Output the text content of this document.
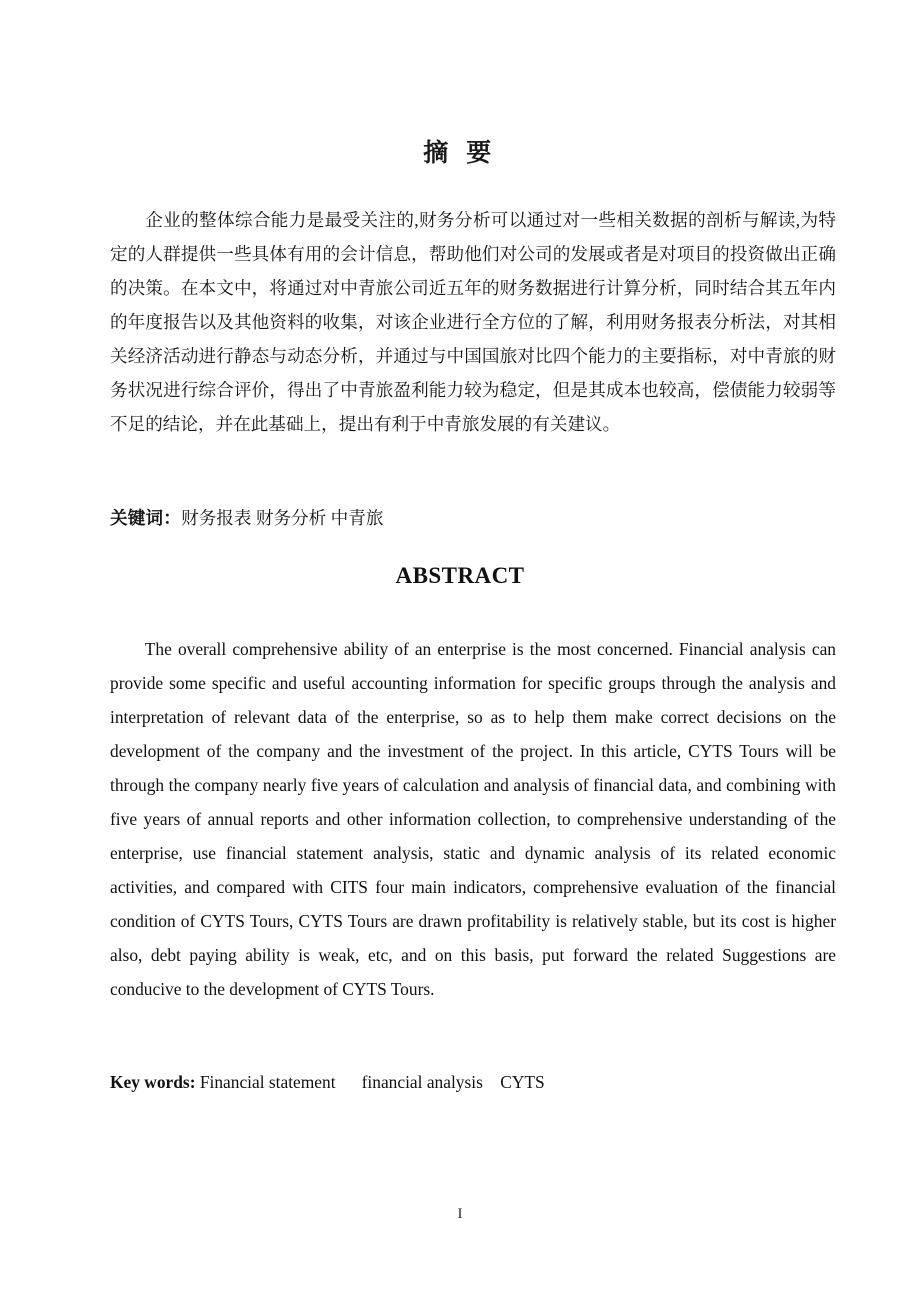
摘 要

企业的整体综合能力是最受关注的,财务分析可以通过对一些相关数据的剖析与解读,为特定的人群提供一些具体有用的会计信息，帮助他们对公司的发展或者是对项目的投资做出正确的决策。在本文中，将通过对中青旅公司近五年的财务数据进行计算分析，同时结合其五年内的年度报告以及其他资料的收集，对该企业进行全方位的了解，利用财务报表分析法，对其相关经济活动进行静态与动态分析，并通过与中国国旅对比四个能力的主要指标，对中青旅的财务状况进行综合评价，得出了中青旅盈利能力较为稳定，但是其成本也较高，偿债能力较弱等不足的结论，并在此基础上，提出有利于中青旅发展的有关建议。

关键词：财务报表 财务分析 中青旅

ABSTRACT

The overall comprehensive ability of an enterprise is the most concerned. Financial analysis can provide some specific and useful accounting information for specific groups through the analysis and interpretation of relevant data of the enterprise, so as to help them make correct decisions on the development of the company and the investment of the project. In this article, CYTS Tours will be through the company nearly five years of calculation and analysis of financial data, and combining with five years of annual reports and other information collection, to comprehensive understanding of the enterprise, use financial statement analysis, static and dynamic analysis of its related economic activities, and compared with CITS four main indicators, comprehensive evaluation of the financial condition of CYTS Tours, CYTS Tours are drawn profitability is relatively stable, but its cost is higher also, debt paying ability is weak, etc, and on this basis, put forward the related Suggestions are conducive to the development of CYTS Tours.

Key words: Financial statement      financial analysis    CYTS

I
